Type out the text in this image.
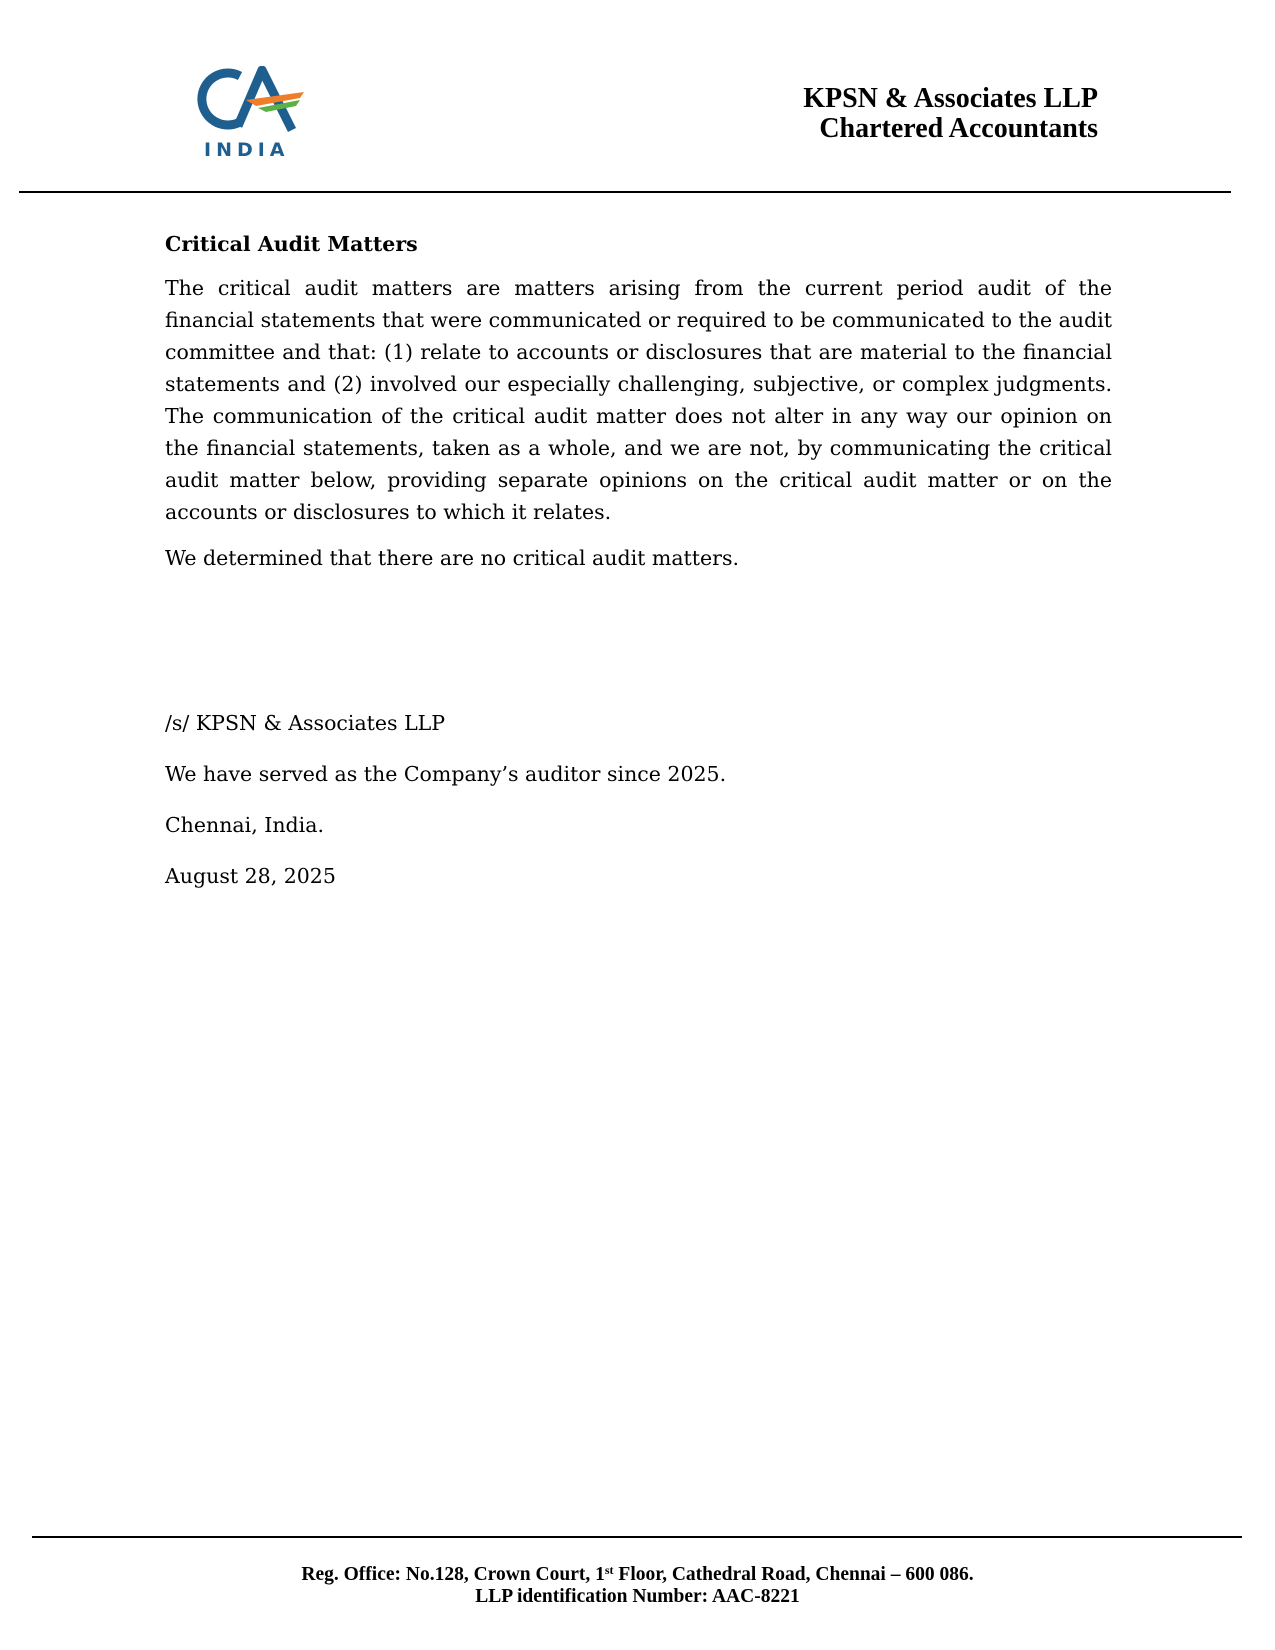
INDIA
KPSN & Associates LLP
Chartered Accountants
Critical Audit Matters
The critical audit matters are matters arising from the current period audit of the financial statements that were communicated or required to be communicated to the audit committee and that: (1) relate to accounts or disclosures that are material to the financial statements and (2) involved our especially challenging, subjective, or complex judgments. The communication of the critical audit matter does not alter in any way our opinion on the financial statements, taken as a whole, and we are not, by communicating the critical audit matter below, providing separate opinions on the critical audit matter or on the accounts or disclosures to which it relates.
We determined that there are no critical audit matters.
/s/ KPSN & Associates LLP
We have served as the Company’s auditor since 2025.
Chennai, India.
August 28, 2025
Reg. Office: No.128, Crown Court, 1st Floor, Cathedral Road, Chennai – 600 086.
LLP identification Number: AAC-8221
